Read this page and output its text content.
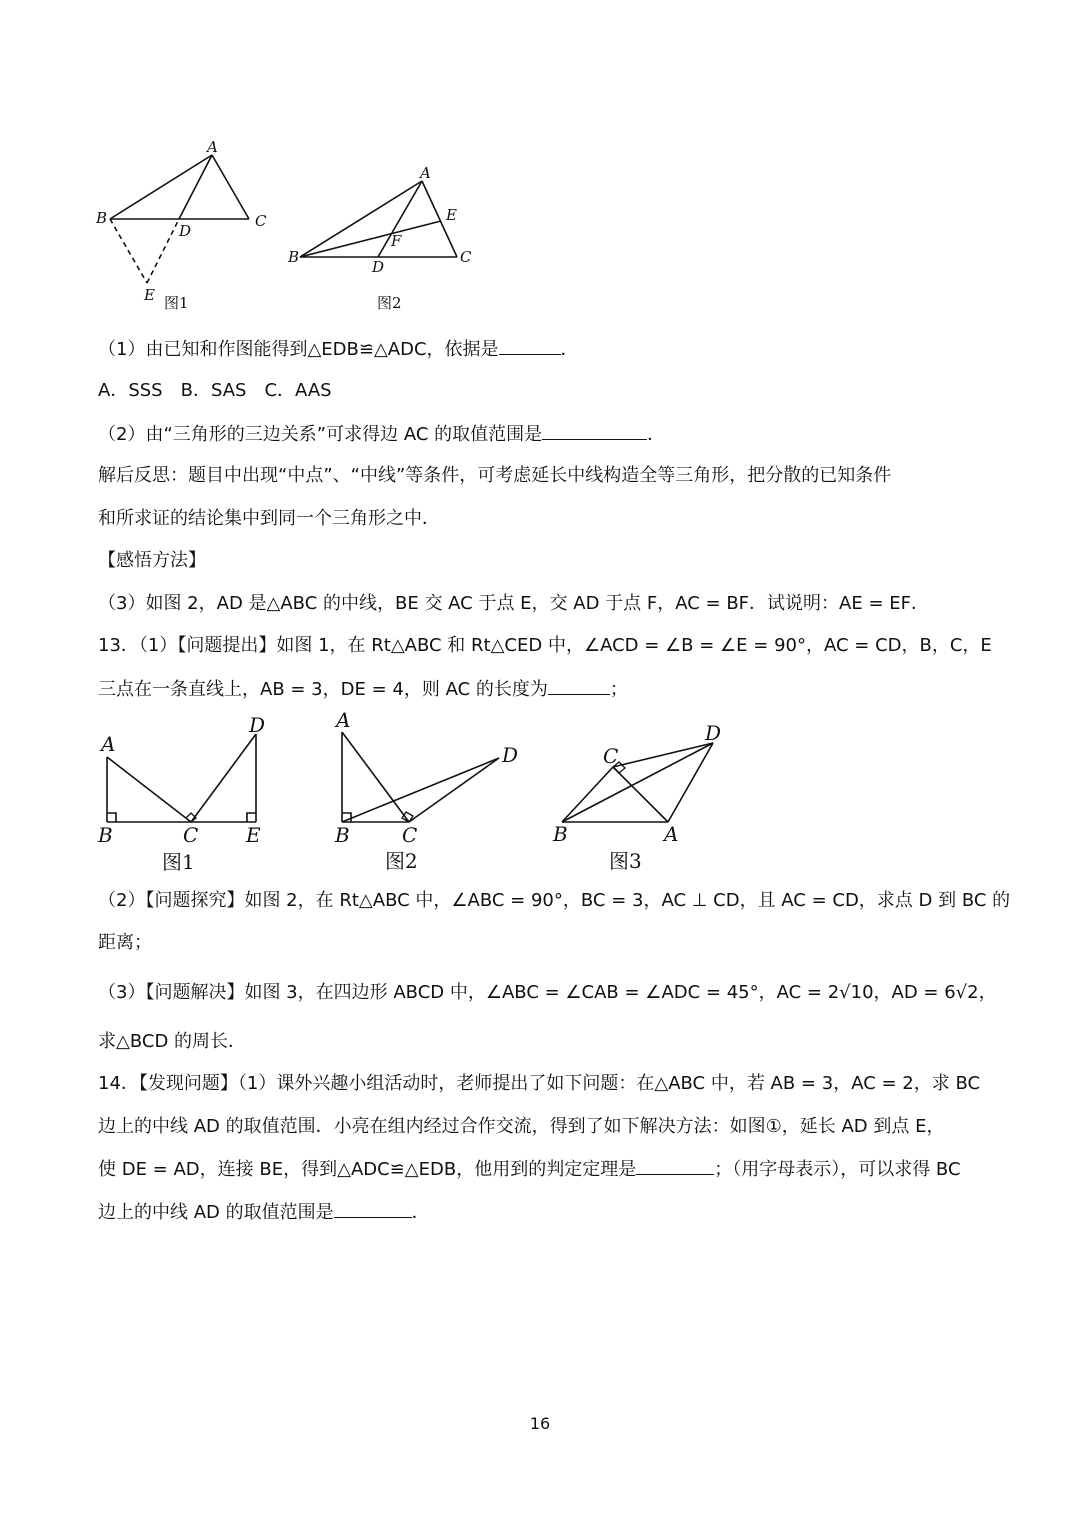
A
B	C
D
E 图1
A
B	C
D
E
F
图2
A
B	C
D
E
图1
A
B	C
D
图2
C
D
B	A
图3
（1）由已知和作图能得到△EDB≌△ADC，依据是	．
A．SSS　B．SAS　C．AAS
（2）由“三角形的三边关系”可求得边 AC 的取值范围是	．
解后反思：题目中出现“中点”、“中线”等条件，可考虑延长中线构造全等三角形，把分散的已知条件
和所求证的结论集中到同一个三角形之中．
【感悟方法】
（3）如图 2，AD 是△ABC 的中线，BE 交 AC 于点 E，交 AD 于点 F，AC = BF．试说明：AE = EF．
13．（1）【问题提出】如图 1，在 Rt△ABC 和 Rt△CED 中，∠ACD = ∠B = ∠E = 90°，AC = CD，B，C，E
三点在一条直线上，AB = 3，DE = 4，则 AC 的长度为	；
（2）【问题探究】如图 2，在 Rt△ABC 中，∠ABC = 90°，BC = 3，AC ⊥ CD，且 AC = CD，求点 D 到 BC 的
距离；
（3）【问题解决】如图 3，在四边形 ABCD 中，∠ABC = ∠CAB = ∠ADC = 45°，AC = 2√10，AD = 6√2，
求△BCD 的周长．
14．【发现问题】（1）课外兴趣小组活动时，老师提出了如下问题：在△ABC 中，若 AB = 3，AC = 2，求 BC
边上的中线 AD 的取值范围．小亮在组内经过合作交流，得到了如下解决方法：如图①，延长 AD 到点 E，
使 DE = AD，连接 BE，得到△ADC≌△EDB，他用到的判定定理是	；（用字母表示），可以求得 BC
边上的中线 AD 的取值范围是	．
16
